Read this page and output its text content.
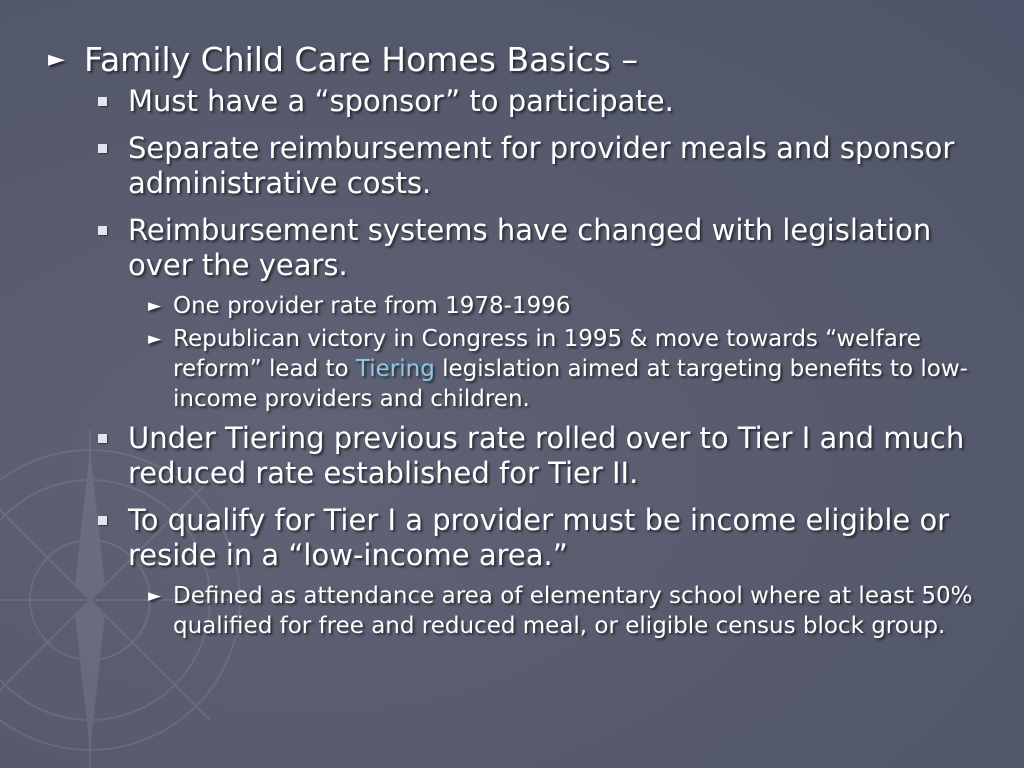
► Family Child Care Homes Basics –
Must have a “sponsor” to participate.
Separate reimbursement for provider meals and sponsor administrative costs.
Reimbursement systems have changed with legislation over the years.
► One provider rate from 1978-1996
► Republican victory in Congress in 1995 & move towards “welfare reform” lead to Tiering legislation aimed at targeting benefits to low-income providers and children.
Under Tiering previous rate rolled over to Tier I and much reduced rate established for Tier II.
To qualify for Tier I a provider must be income eligible or reside in a “low-income area.”
► Defined as attendance area of elementary school where at least 50% qualified for free and reduced meal, or eligible census block group.
